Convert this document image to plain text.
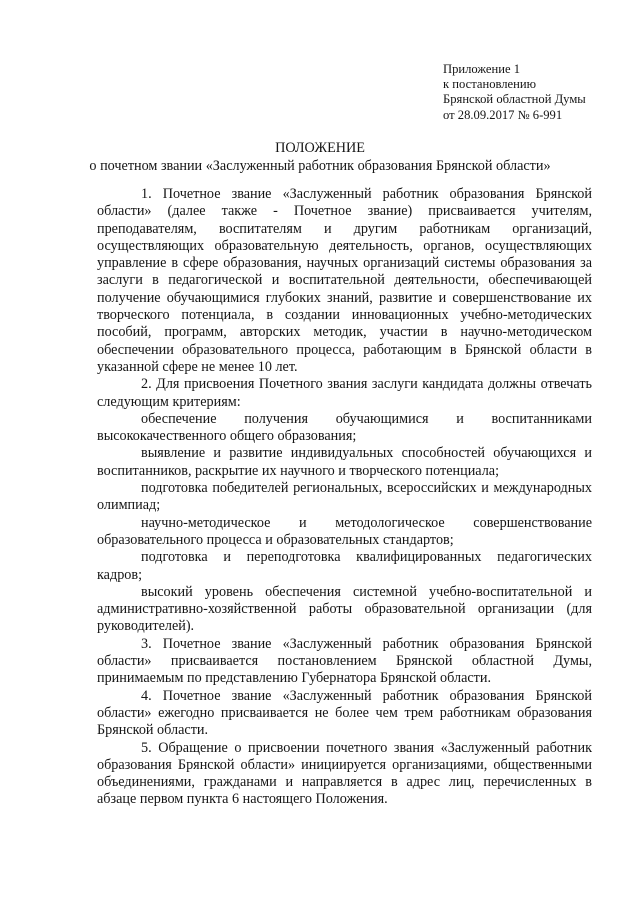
Приложение 1
к постановлению
Брянской областной Думы
от 28.09.2017 № 6-991
ПОЛОЖЕНИЕ
о почетном звании «Заслуженный работник образования Брянской области»

1. Почетное звание «Заслуженный работник образования Брянской области» (далее также - Почетное звание) присваивается учителям, преподавателям, воспитателям и другим работникам организаций, осуществляющих образовательную деятельность, органов, осуществляющих управление в сфере образования, научных организаций системы образования за заслуги в педагогической и воспитательной деятельности, обеспечивающей получение обучающимися глубоких знаний, развитие и совершенствование их творческого потенциала, в создании инновационных учебно-методических пособий, программ, авторских методик, участии в научно-методическом обеспечении образовательного процесса, работающим в Брянской области в указанной сфере не менее 10 лет.

2. Для присвоения Почетного звания заслуги кандидата должны отвечать следующим критериям:

обеспечение получения обучающимися и воспитанниками высококачественного общего образования;

выявление и развитие индивидуальных способностей обучающихся и воспитанников, раскрытие их научного и творческого потенциала;

подготовка победителей региональных, всероссийских и международных олимпиад;

научно-методическое и методологическое совершенствование образовательного процесса и образовательных стандартов;

подготовка и переподготовка квалифицированных педагогических кадров;

высокий уровень обеспечения системной учебно-воспитательной и административно-хозяйственной работы образовательной организации (для руководителей).

3. Почетное звание «Заслуженный работник образования Брянской области» присваивается постановлением Брянской областной Думы, принимаемым по представлению Губернатора Брянской области.

4. Почетное звание «Заслуженный работник образования Брянской области» ежегодно присваивается не более чем трем работникам образования Брянской области.

5. Обращение о присвоении почетного звания «Заслуженный работник образования Брянской области» инициируется организациями, общественными объединениями, гражданами и направляется в адрес лиц, перечисленных в абзаце первом пункта 6 настоящего Положения.
